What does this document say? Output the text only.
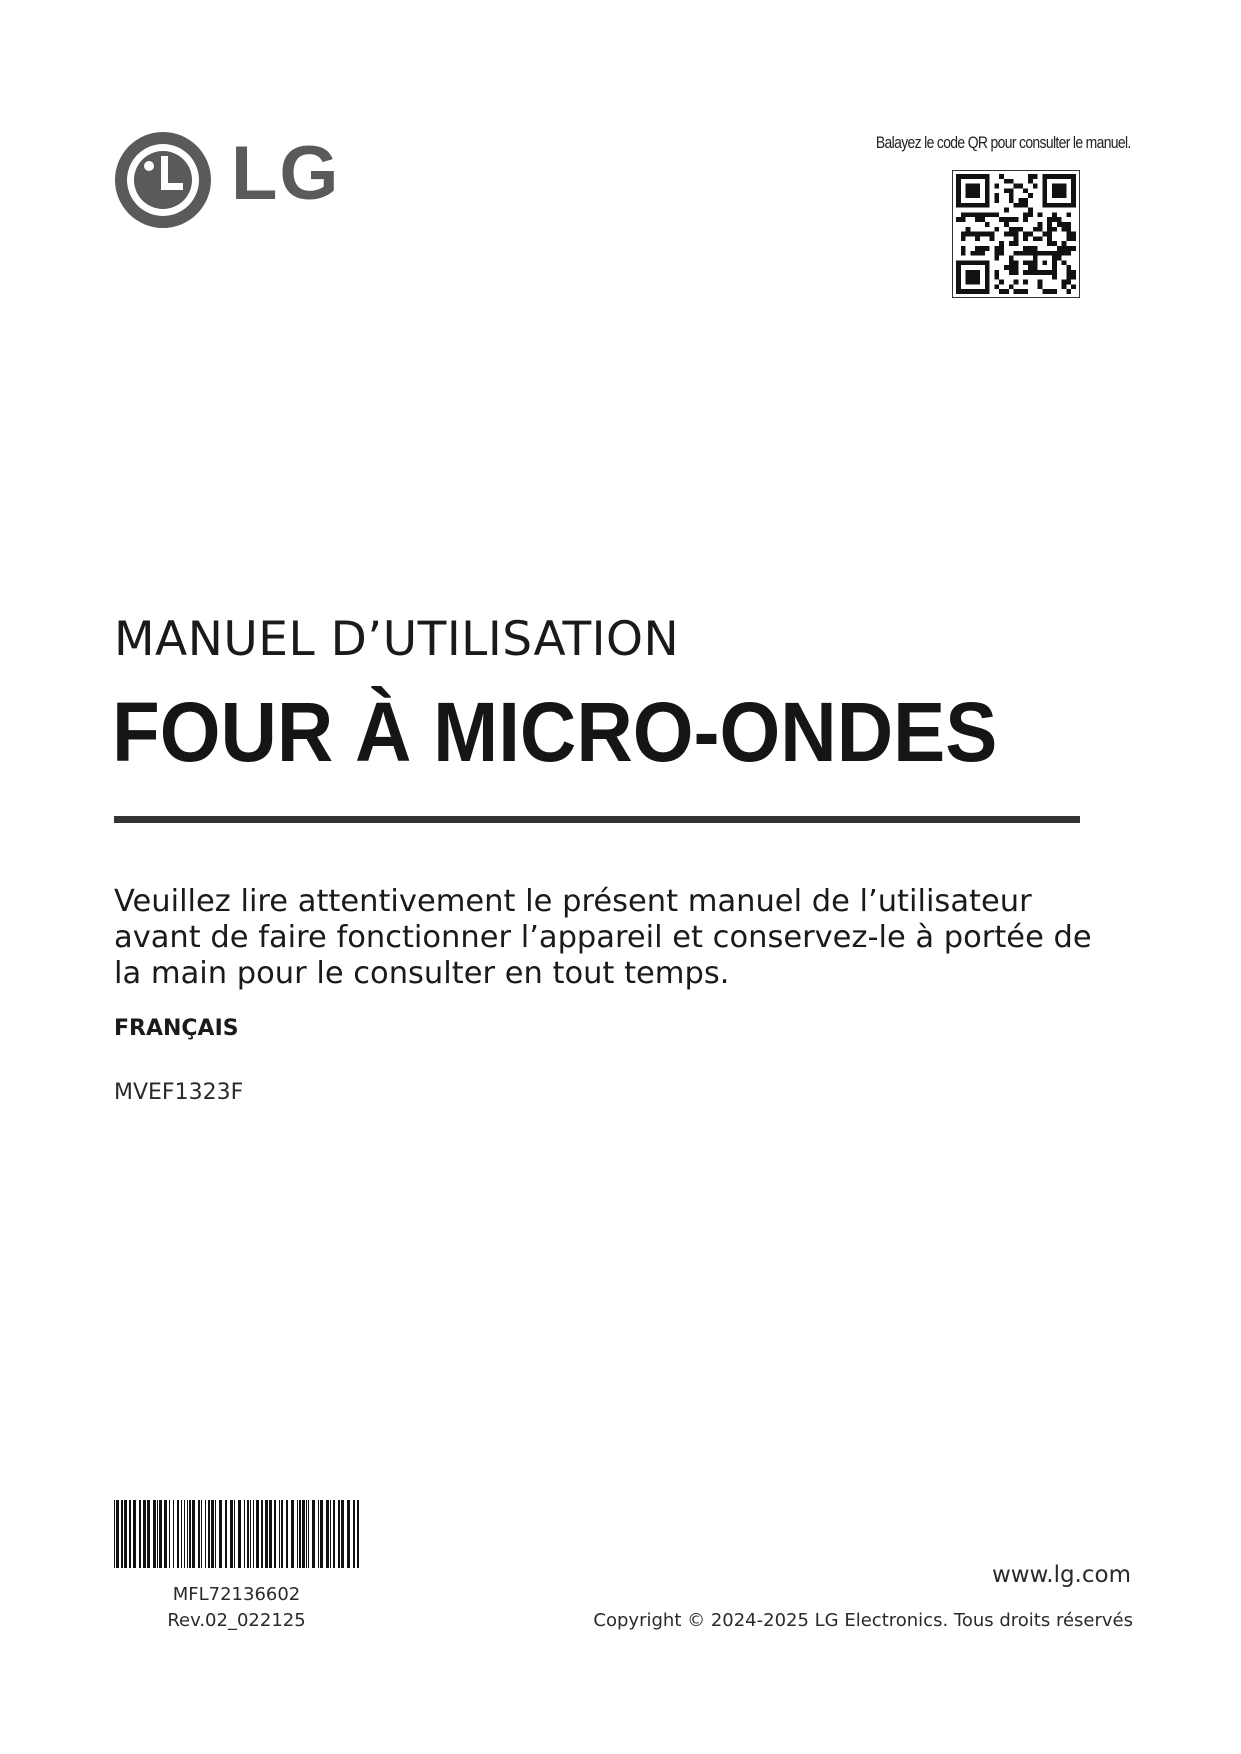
LG	Balayez le code QR pour consulter le manuel.
MANUEL D’UTILISATION
FOUR À MICRO-ONDES
Veuillez lire attentivement le présent manuel de l’utilisateur
avant de faire fonctionner l’appareil et conservez-le à portée de
la main pour le consulter en tout temps.
FRANÇAIS
MVEF1323F
MFL72136602
Rev.02_022125
www.lg.com
Copyright © 2024-2025 LG Electronics. Tous droits réservés
